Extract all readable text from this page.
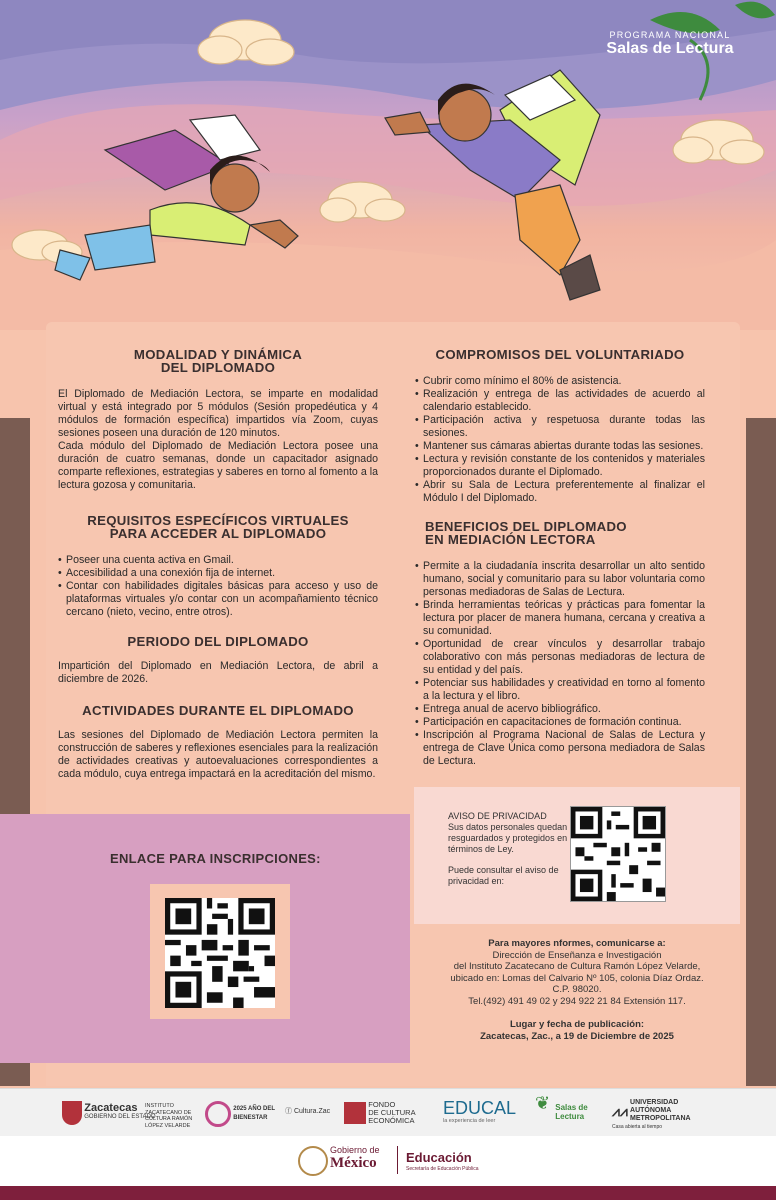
PROGRAMA NACIONAL
Salas de Lectura
MODALIDAD Y DINÁMICA
DEL DIPLOMADO

El Diplomado de Mediación Lectora, se imparte en modalidad virtual y está integrado por 5 módulos (Sesión propedéutica y 4 módulos de formación específica) impartidos vía Zoom, cuyas sesiones poseen una duración de 120 minutos.

Cada módulo del Diplomado de Mediación Lectora posee una duración de cuatro semanas, donde un capacitador asignado comparte reflexiones, estrategias y saberes en torno al fomento a la lectura gozosa y comunitaria.

REQUISITOS ESPECÍFICOS VIRTUALES
PARA ACCEDER AL DIPLOMADO
• Poseer una cuenta activa en Gmail.
• Accesibilidad a una conexión fija de internet.
• Contar con habilidades digitales básicas para acceso y uso de plataformas virtuales y/o contar con un acompañamiento técnico cercano (nieto, vecino, entre otros).
PERIODO DEL DIPLOMADO

Impartición del Diplomado en Mediación Lectora, de abril a diciembre de 2026.

ACTIVIDADES DURANTE EL DIPLOMADO

Las sesiones del Diplomado de Mediación Lectora permiten la construcción de saberes y reflexiones esenciales para la realización de actividades creativas y autoevaluaciones correspondientes a cada módulo, cuya entrega impactará en la acreditación del mismo.

COMPROMISOS DEL VOLUNTARIADO
• Cubrir como mínimo el 80% de asistencia.
• Realización y entrega de las actividades de acuerdo al calendario establecido.
• Participación activa y respetuosa durante todas las sesiones.
• Mantener sus cámaras abiertas durante todas las sesiones.
• Lectura y revisión constante de los contenidos y materiales proporcionados durante el Diplomado.
• Abrir su Sala de Lectura preferentemente al finalizar el Módulo I del Diplomado.
BENEFICIOS DEL DIPLOMADO
EN MEDIACIÓN LECTORA
• Permite a la ciudadanía inscrita desarrollar un alto sentido humano, social y comunitario para su labor voluntaria como personas mediadoras de Salas de Lectura.
• Brinda herramientas teóricas y prácticas para fomentar la lectura por placer de manera humana, cercana y creativa a su comunidad.
• Oportunidad de crear vínculos y desarrollar trabajo colaborativo con más personas mediadoras de lectura de su entidad y del país.
• Potenciar sus habilidades y creatividad en torno al fomento a la lectura y el libro.
• Entrega anual de acervo bibliográfico.
• Participación en capacitaciones de formación continua.
• Inscripción al Programa Nacional de Salas de Lectura y entrega de Clave Única como persona mediadora de Salas de Lectura.
ENLACE PARA INSCRIPCIONES:
AVISO DE PRIVACIDAD
Sus datos personales quedan resguardados y protegidos en términos de Ley.
Puede consultar el aviso de privacidad en:
Para mayores nformes, comunicarse a:
Dirección de Enseñanza e Investigación
del Instituto Zacatecano de Cultura Ramón López Velarde,
ubicado en: Lomas del Calvario Nº 105, colonia Díaz Ordaz.
C.P. 98020.
Tel.(492) 491 49 02 y 294 922 21 84 Extensión 117.
Lugar y fecha de publicación:
Zacatecas, Zac., a 19 de Diciembre de 2025

Zacatecas
GOBIERNO DEL ESTADO
INSTITUTO ZACATECANO DE CULTURA RAMÓN LÓPEZ VELARDE
2025 AÑO DEL BIENESTAR
ⓕ Cultura.Zac

FONDO
DE CULTURA
ECONÓMICA
EDUCAL
la experiencia de leer
❦ Salas de
Lectura ⩘⩘ UNIVERSIDAD
AUTÓNOMA
METROPOLITANA
Casa abierta al tiempo
Gobierno de
México Educación
Secretaría de Educación Pública
